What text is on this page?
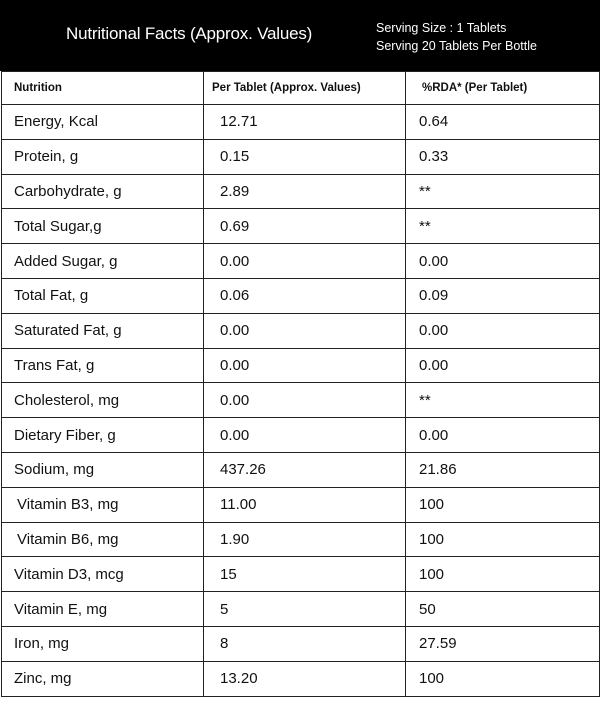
Nutritional Facts (Approx. Values)	Serving Size : 1 Tablets
Serving 20 Tablets Per Bottle
Nutrition	Per Tablet (Approx. Values)	%RDA* (Per Tablet)
Energy, Kcal	12.71	0.64
Protein, g	0.15	0.33
Carbohydrate, g	2.89	**
Total Sugar,g	0.69	**
Added Sugar, g	0.00	0.00
Total Fat, g	0.06	0.09
Saturated Fat, g	0.00	0.00
Trans Fat, g	0.00	0.00
Cholesterol, mg	0.00	**
Dietary Fiber, g	0.00	0.00
Sodium, mg	437.26	21.86
Vitamin B3, mg	11.00	100
Vitamin B6, mg	1.90	100
Vitamin D3, mcg	15	100
Vitamin E, mg	5	50
Iron, mg	8	27.59
Zinc, mg	13.20	100
